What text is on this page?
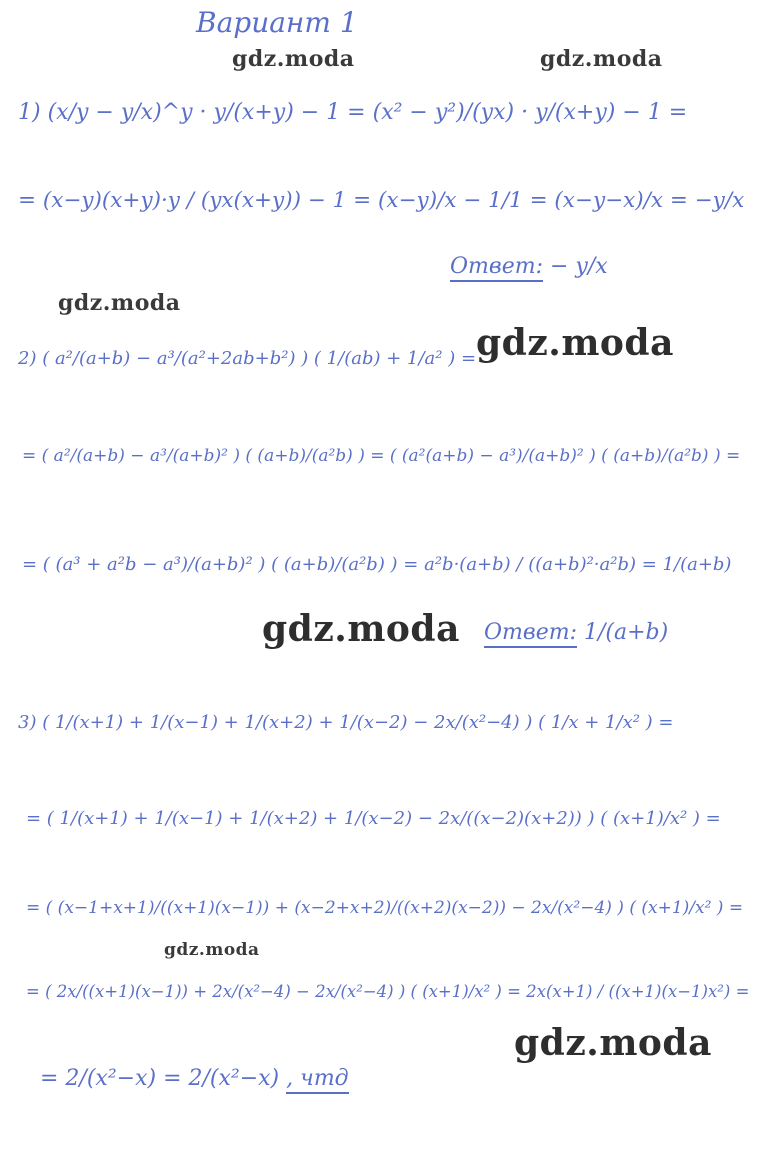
Вариант 1
gdz.moda	gdz.moda
gdz.moda
gdz.moda
gdz.moda
gdz.moda
gdz.moda
1) (x/y − y/x)^y · y/(x+y) − 1 = (x² − y²)/(yx) · y/(x+y) − 1 =
= (x−y)(x+y)·y / (yx(x+y)) − 1 = (x−y)/x − 1/1 = (x−y−x)/x = −y/x
Ответ: − y/x
2) ( a²/(a+b) − a³/(a²+2ab+b²) ) ( 1/(ab) + 1/a² ) =
= ( a²/(a+b) − a³/(a+b)² ) ( (a+b)/(a²b) ) = ( (a²(a+b) − a³)/(a+b)² ) ( (a+b)/(a²b) ) =
= ( (a³ + a²b − a³)/(a+b)² ) ( (a+b)/(a²b) ) = a²b·(a+b) / ((a+b)²·a²b) = 1/(a+b)
Ответ: 1/(a+b)
3) ( 1/(x+1) + 1/(x−1) + 1/(x+2) + 1/(x−2) − 2x/(x²−4) ) ( 1/x + 1/x² ) =
= ( 1/(x+1) + 1/(x−1) + 1/(x+2) + 1/(x−2) − 2x/((x−2)(x+2)) ) ( (x+1)/x² ) =
= ( (x−1+x+1)/((x+1)(x−1)) + (x−2+x+2)/((x+2)(x−2)) − 2x/(x²−4) ) ( (x+1)/x² ) =
= ( 2x/((x+1)(x−1)) + 2x/(x²−4) − 2x/(x²−4) ) ( (x+1)/x² ) = 2x(x+1) / ((x+1)(x−1)x²) =
= 2/(x²−x) = 2/(x²−x) , чтд
